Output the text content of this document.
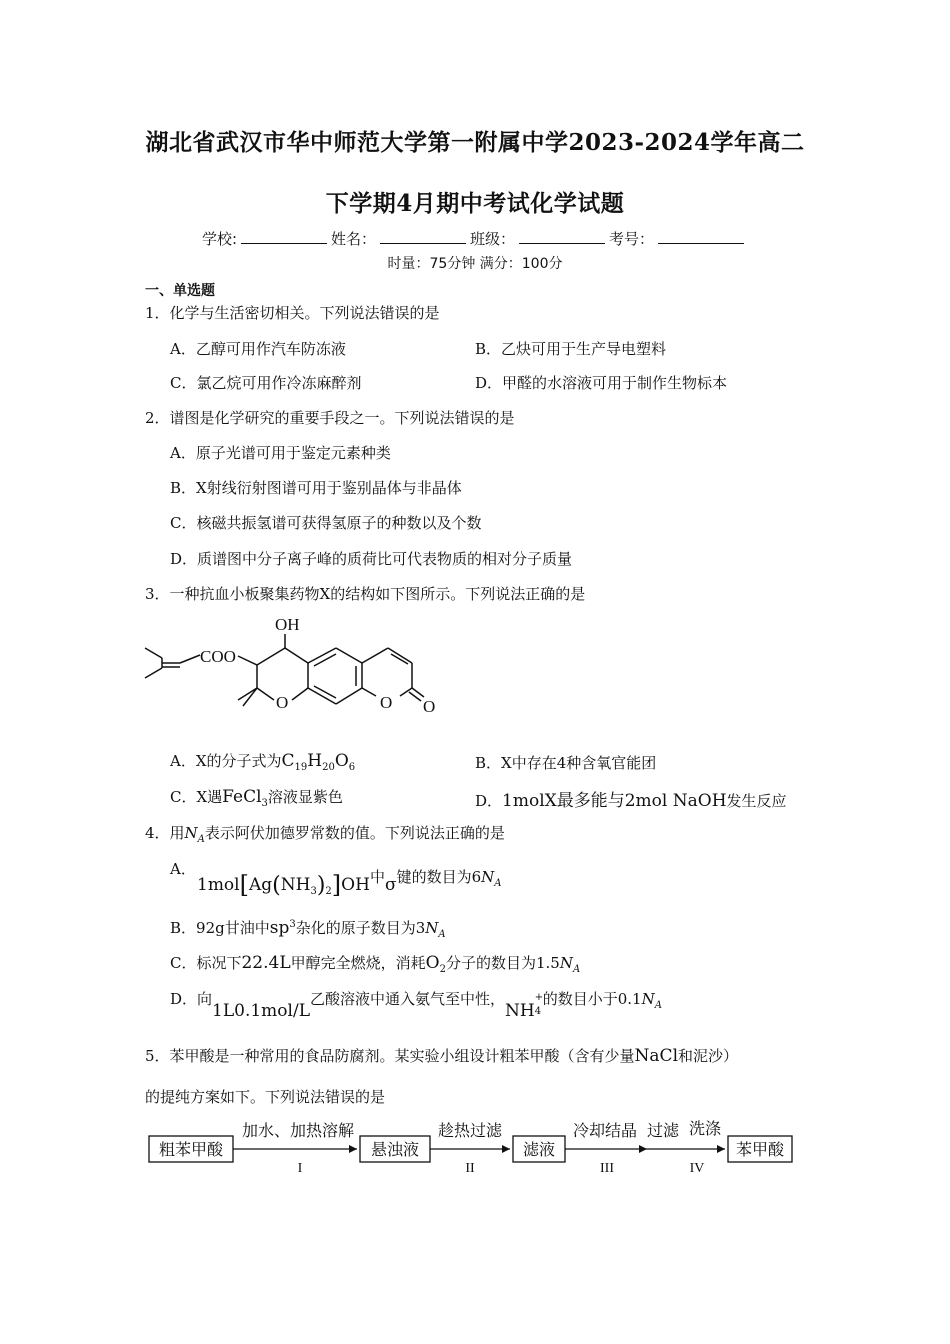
湖北省武汉市华中师范大学第一附属中学2023-2024学年高二
下学期4月期中考试化学试题
学校:	姓名：	班级：	考号：
时量：75分钟 满分：100分
一、单选题
1．化学与生活密切相关。下列说法错误的是
A．乙醇可用作汽车防冻液	B．乙炔可用于生产导电塑料
C．氯乙烷可用作冷冻麻醉剂	D．甲醛的水溶液可用于制作生物标本
2．谱图是化学研究的重要手段之一。下列说法错误的是
A．原子光谱可用于鉴定元素种类
B．X射线衍射图谱可用于鉴别晶体与非晶体
C．核磁共振氢谱可获得氢原子的种数以及个数
D．质谱图中分子离子峰的质荷比可代表物质的相对分子质量
3．一种抗血小板聚集药物X的结构如下图所示。下列说法正确的是
COO
OH
O	O O
A．X的分子式为$C_{19}H_{20}O_6$	B．X中存在4种含氧官能团
C．X遇FeCl$_3$溶液显紫色	D．1molX最多能与2mol NaOH发生反应
4．用$N_A$表示阿伏加德罗常数的值。下列说法正确的是
A．
$1mol[Ag(NH_3)_2]OH$中σ键的数目为$6N_A$
B．92g甘油中$sp^3$杂化的原子数目为$3N_A$
C．标况下22.4L甲醇完全燃烧，消耗$O_2$分子的数目为$1.5N_A$
D．向1L0.1mol/L乙酸溶液中通入氨气至中性，NH
+
4
的数目小于$0.1N_A$
5．苯甲酸是一种常用的食品防腐剂。某实验小组设计粗苯甲酸（含有少量NaCl和泥沙）
的提纯方案如下。下列说法错误的是
粗苯甲酸	悬浊液	滤液	苯甲酸
加水、加热溶解	趁热过滤	冷却结晶 过滤 洗涤
I	II	III	IV
